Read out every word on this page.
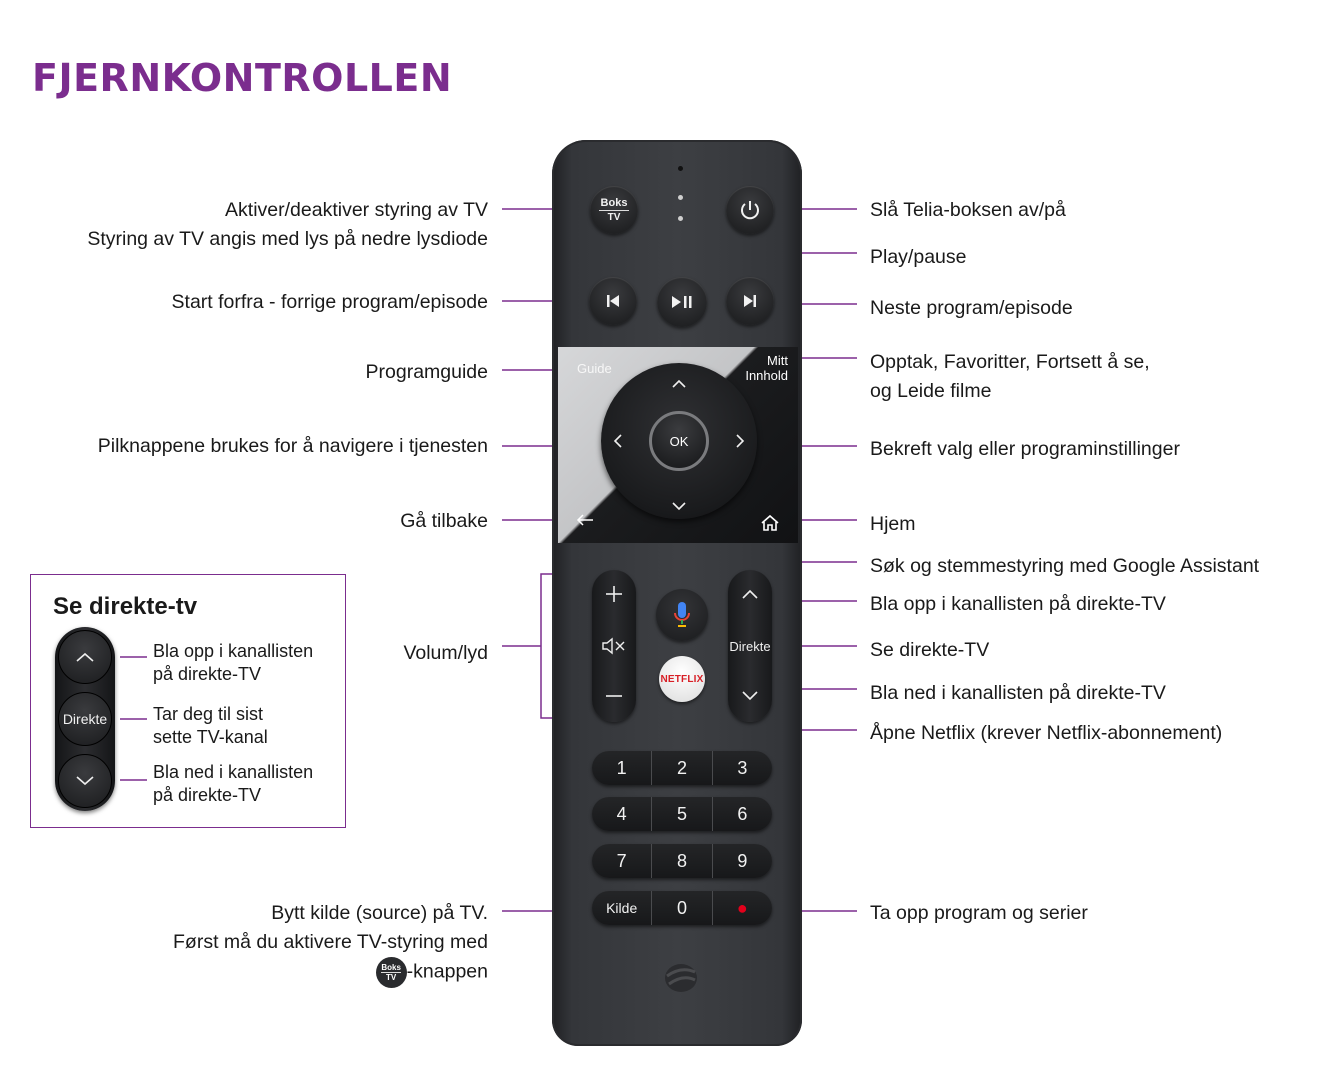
FJERNKONTROLLEN
Aktiver/deaktiver styring av TV
Styring av TV angis med lys på nedre lysdiode
Start forfra - forrige program/episode
Programguide
Pilknappene brukes for å navigere i tjenesten
Gå tilbake
Volum/lyd
Bytt kilde (source) på TV.
Først må du aktivere TV-styring med
Boks
TV -knappen
Slå Telia-boksen av/på
Play/pause
Neste program/episode
Opptak, Favoritter, Fortsett å se,
og Leide filme
Bekreft valg eller programinstillinger
Hjem
Søk og stemmestyring med Google Assistant
Bla opp i kanallisten på direkte-TV
Se direkte-TV
Bla ned i kanallisten på direkte-TV
Åpne Netflix (krever Netflix-abonnement)
Ta opp program og serier
Boks
TV
Guide
Mitt
Innhold
OK
NETFLIX
Direkte
1	2	3
4	5	6
7	8	9
Kilde	0	●
Se direkte-tv
Direkte
Bla opp i kanallisten
på direkte-TV
Tar deg til sist
sette TV-kanal
Bla ned i kanallisten
på direkte-TV
